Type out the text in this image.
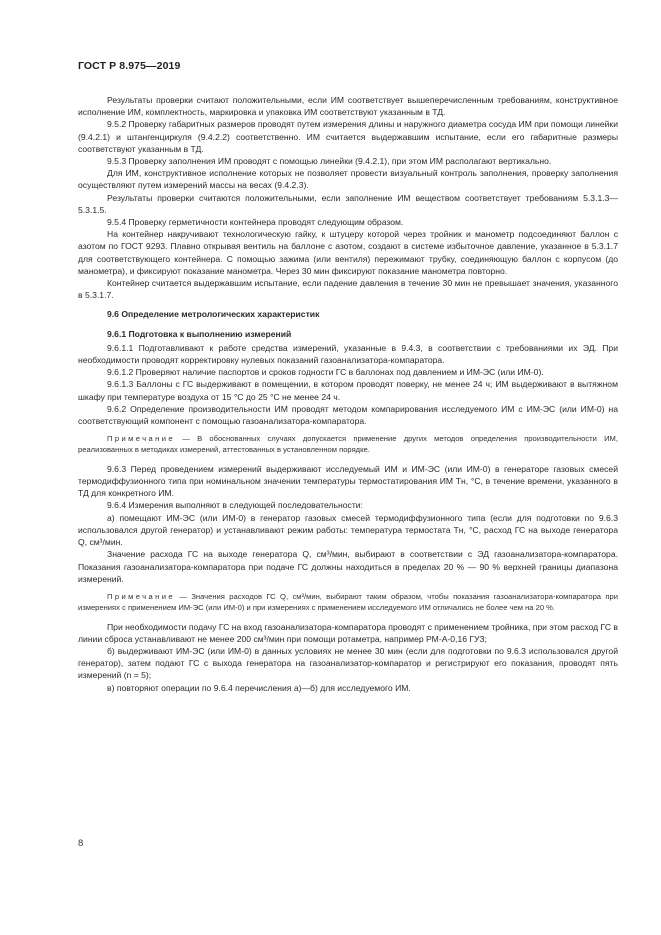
ГОСТ Р 8.975—2019

Результаты проверки считают положительными, если ИМ соответствует вышеперечисленным требованиям, конструктивное исполнение ИМ, комплектность, маркировка и упаковка ИМ соответствуют указанным в ТД.

9.5.2 Проверку габаритных размеров проводят путем измерения длины и наружного диаметра сосуда ИМ при помощи линейки (9.4.2.1) и штангенциркуля (9.4.2.2) соответственно. ИМ считается выдержавшим испытание, если его габаритные размеры соответствуют указанным в ТД.

9.5.3 Проверку заполнения ИМ проводят с помощью линейки (9.4.2.1), при этом ИМ располагают вертикально.

Для ИМ, конструктивное исполнение которых не позволяет провести визуальный контроль заполнения, проверку заполнения осуществляют путем измерений массы на весах (9.4.2.3).

Результаты проверки считаются положительными, если заполнение ИМ веществом соответствует требованиям 5.3.1.3—5.3.1.5.

9.5.4 Проверку герметичности контейнера проводят следующим образом.

На контейнер накручивают технологическую гайку, к штуцеру которой через тройник и манометр подсоединяют баллон с азотом по ГОСТ 9293. Плавно открывая вентиль на баллоне с азотом, создают в системе избыточное давление, указанное в 5.3.1.7 для соответствующего контейнера. С помощью зажима (или вентиля) пережимают трубку, соединяющую баллон с корпусом (до манометра), и фиксируют показание манометра. Через 30 мин фиксируют показание манометра повторно.

Контейнер считается выдержавшим испытание, если падение давления в течение 30 мин не превышает значения, указанного в 5.3.1.7.

9.6 Определение метрологических характеристик

9.6.1 Подготовка к выполнению измерений

9.6.1.1 Подготавливают к работе средства измерений, указанные в 9.4.3, в соответствии с требованиями их ЭД. При необходимости проводят корректировку нулевых показаний газоанализатора-компаратора.

9.6.1.2 Проверяют наличие паспортов и сроков годности ГС в баллонах под давлением и ИМ-ЭС (или ИМ-0).

9.6.1.3 Баллоны с ГС выдерживают в помещении, в котором проводят поверку, не менее 24 ч; ИМ выдерживают в вытяжном шкафу при температуре воздуха от 15 °С до 25 °С не менее 24 ч.

9.6.2 Определение производительности ИМ проводят методом компарирования исследуемого ИМ с ИМ-ЭС (или ИМ-0) на соответствующий компонент с помощью газоанализатора-компаратора.

Примечание — В обоснованных случаях допускается применение других методов определения производительности ИМ, реализованных в методиках измерений, аттестованных в установленном порядке.

9.6.3 Перед проведением измерений выдерживают исследуемый ИМ и ИМ-ЭС (или ИМ-0) в генераторе газовых смесей термодиффузионного типа при номинальном значении температуры термостатирования ИМ Tн, °С, в течение времени, указанного в ТД для конкретного ИМ.

9.6.4 Измерения выполняют в следующей последовательности:

а) помещают ИМ-ЭС (или ИМ-0) в генератор газовых смесей термодиффузионного типа (если для подготовки по 9.6.3 использовался другой генератор) и устанавливают режим работы: температура термостата Tн, °С, расход ГС на выходе генератора Q, см³/мин.

Значение расхода ГС на выходе генератора Q, см³/мин, выбирают в соответствии с ЭД газоанализатора-компаратора. Показания газоанализатора-компаратора при подаче ГС должны находиться в пределах 20 % — 90 % верхней границы диапазона измерений.

Примечание — Значения расходов ГС Q, см³/мин, выбирают таким образом, чтобы показания газоанализатора-компаратора при измерениях с применением ИМ-ЭС (или ИМ-0) и при измерениях с применением исследуемого ИМ отличались не более чем на 20 %.

При необходимости подачу ГС на вход газоанализатора-компаратора проводят с применением тройника, при этом расход ГС в линии сброса устанавливают не менее 200 см³/мин при помощи ротаметра, например РМ-А-0,16 ГУЗ;

б) выдерживают ИМ-ЭС (или ИМ-0) в данных условиях не менее 30 мин (если для подготовки по 9.6.3 использовался другой генератор), затем подают ГС с выхода генератора на газоанализатор-компаратор и регистрируют его показания, проводят пять измерений (n = 5);

в) повторяют операции по 9.6.4 перечисления а)—б) для исследуемого ИМ.

8
